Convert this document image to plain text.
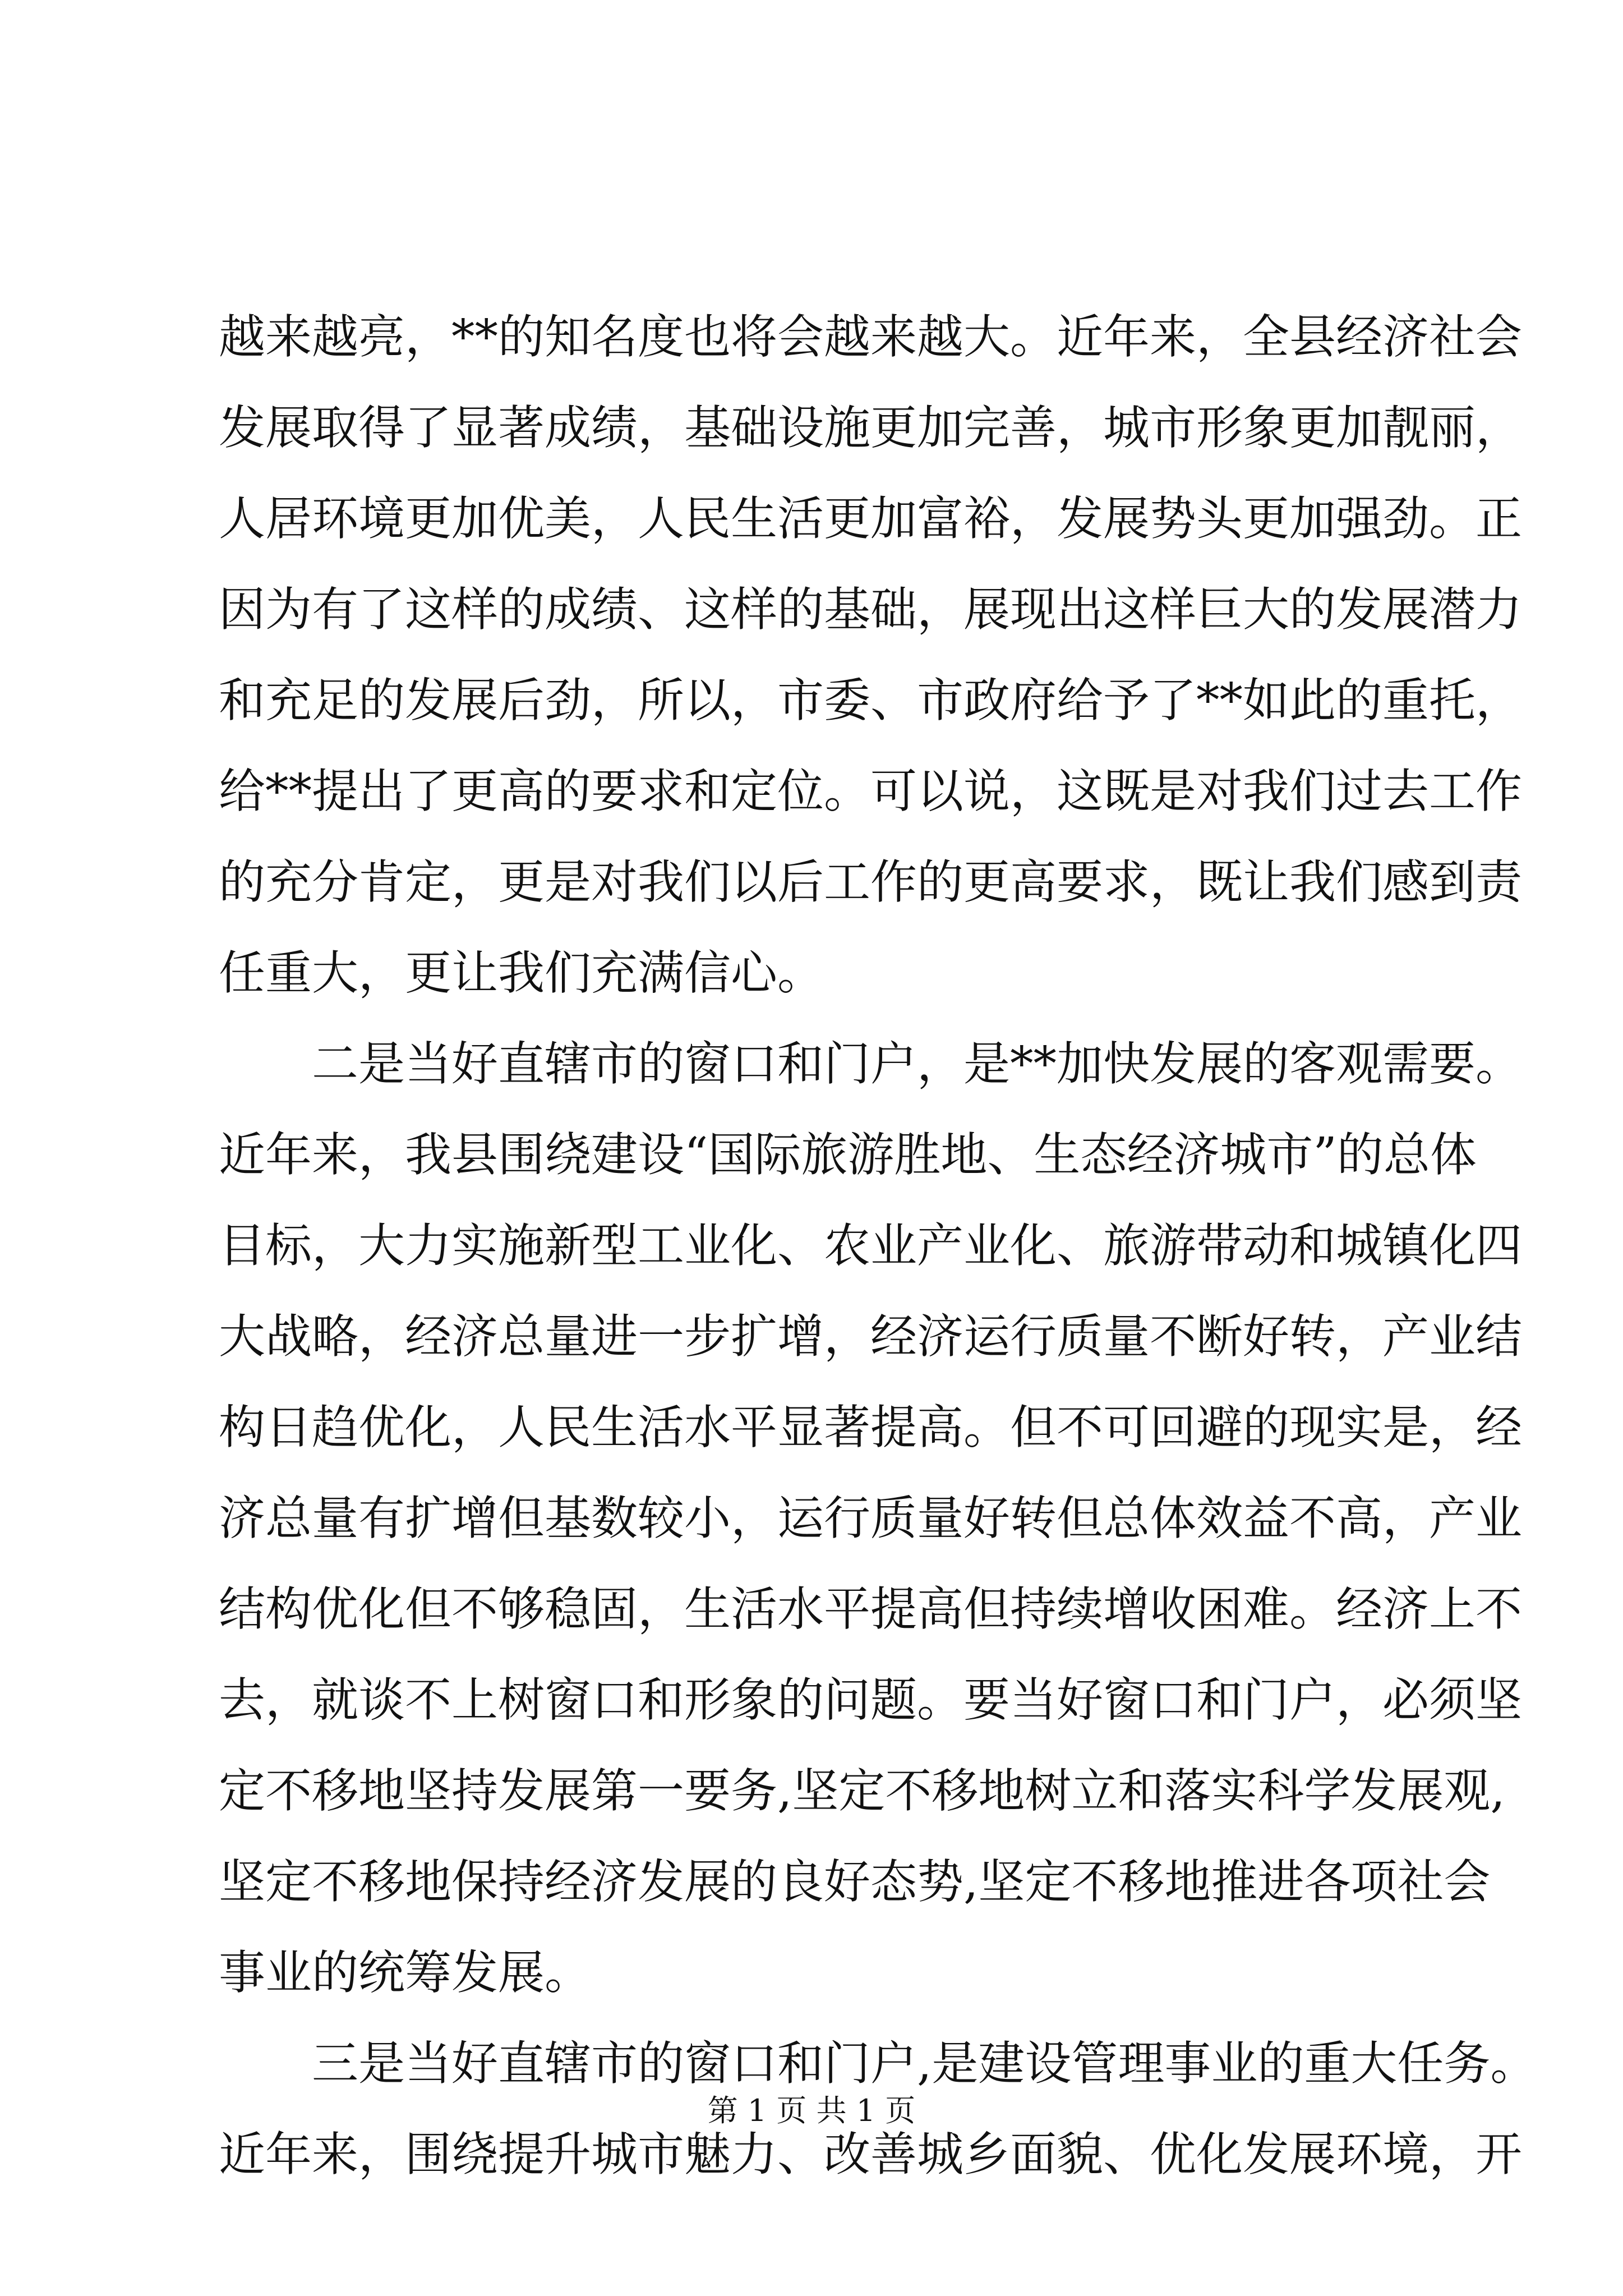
越来越亮，**的知名度也将会越来越大。近年来，全县经济社会
发展取得了显著成绩，基础设施更加完善，城市形象更加靓丽，
人居环境更加优美，人民生活更加富裕，发展势头更加强劲。正
因为有了这样的成绩、这样的基础，展现出这样巨大的发展潜力
和充足的发展后劲，所以，市委、市政府给予了**如此的重托，
给**提出了更高的要求和定位。可以说，这既是对我们过去工作
的充分肯定，更是对我们以后工作的更高要求，既让我们感到责
任重大，更让我们充满信心。
　　二是当好直辖市的窗口和门户，是**加快发展的客观需要。
近年来，我县围绕建设“国际旅游胜地、生态经济城市”的总体
目标，大力实施新型工业化、农业产业化、旅游带动和城镇化四
大战略，经济总量进一步扩增，经济运行质量不断好转，产业结
构日趋优化，人民生活水平显著提高。但不可回避的现实是，经
济总量有扩增但基数较小，运行质量好转但总体效益不高，产业
结构优化但不够稳固，生活水平提高但持续增收困难。经济上不
去，就谈不上树窗口和形象的问题。要当好窗口和门户，必须坚
定不移地坚持发展第一要务,坚定不移地树立和落实科学发展观,
坚定不移地保持经济发展的良好态势,坚定不移地推进各项社会
事业的统筹发展。
　　三是当好直辖市的窗口和门户,是建设管理事业的重大任务。
近年来，围绕提升城市魅力、改善城乡面貌、优化发展环境，开
第 1 页 共 1 页
